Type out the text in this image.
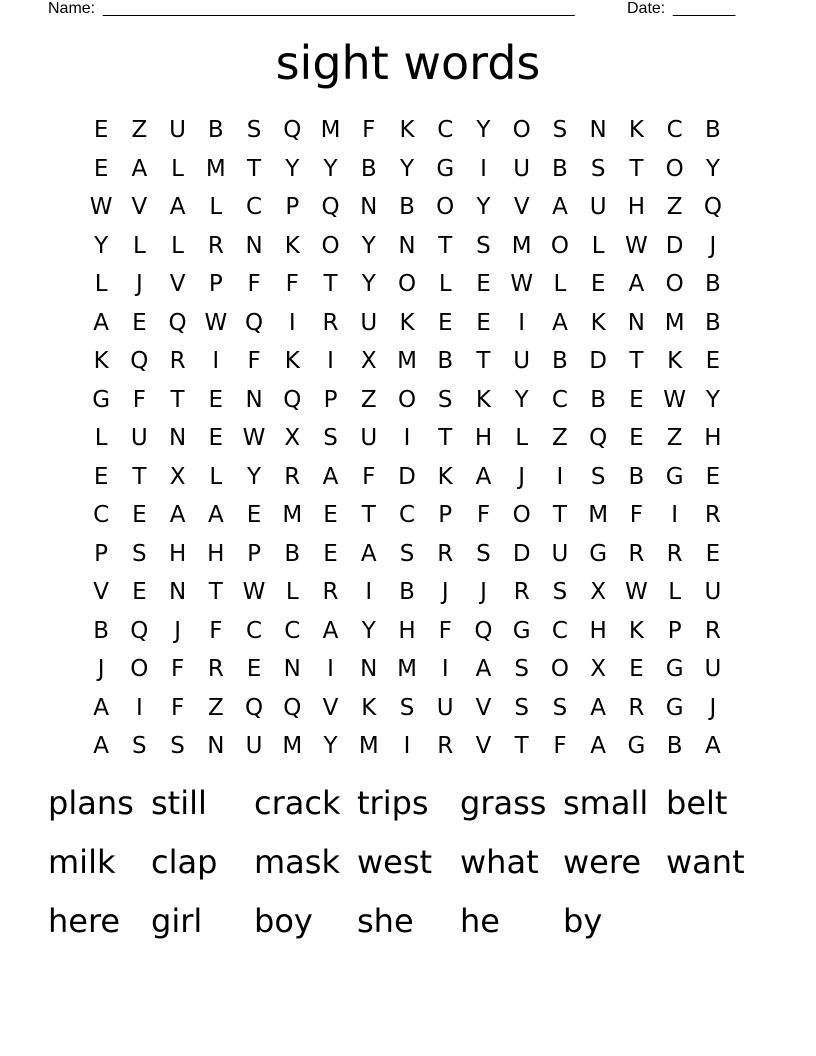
Name: _____________________________________________________	Date: _______
sight words
E	Z U B	S Q M F	K C	Y O S N K C B
E	A	L M T	Y	Y	B	Y G	I	U B	S	T O Y
W V A	L	C	P Q N B O Y	V A U H Z Q
Y	L	L	R N K O Y N T	S M O L W D	J
L	J	V	P	F	F	T	Y O L	E W L	E	A O B
A	E Q W Q	I	R U K	E	E	I	A K N M B
K Q R	I	F	K	I	X M B	T U B D T	K	E
G F	T	E N Q P	Z O S	K	Y	C B	E W Y
L	U N E W X	S U	I	T H	L	Z Q E	Z H
E	T	X	L	Y	R A	F D K A	J	I	S	B G E
C E	A A	E M E	T	C	P	F O T M F	I	R
P	S H H P	B	E	A	S R S D U G R R E
V	E N T W L	R	I	B	J	J	R S	X W L	U
B Q	J	F	C C A	Y H F Q G C H K	P	R
J	O F	R E N	I	N M	I	A	S O X	E G U
A	I	F	Z Q Q V K	S U V	S	S	A R G	J
A	S	S N U M Y M	I	R V	T	F	A G B A
plans still	crack trips grass small belt
milk	clap	mask west what were want
here girl	boy	she	he	by
